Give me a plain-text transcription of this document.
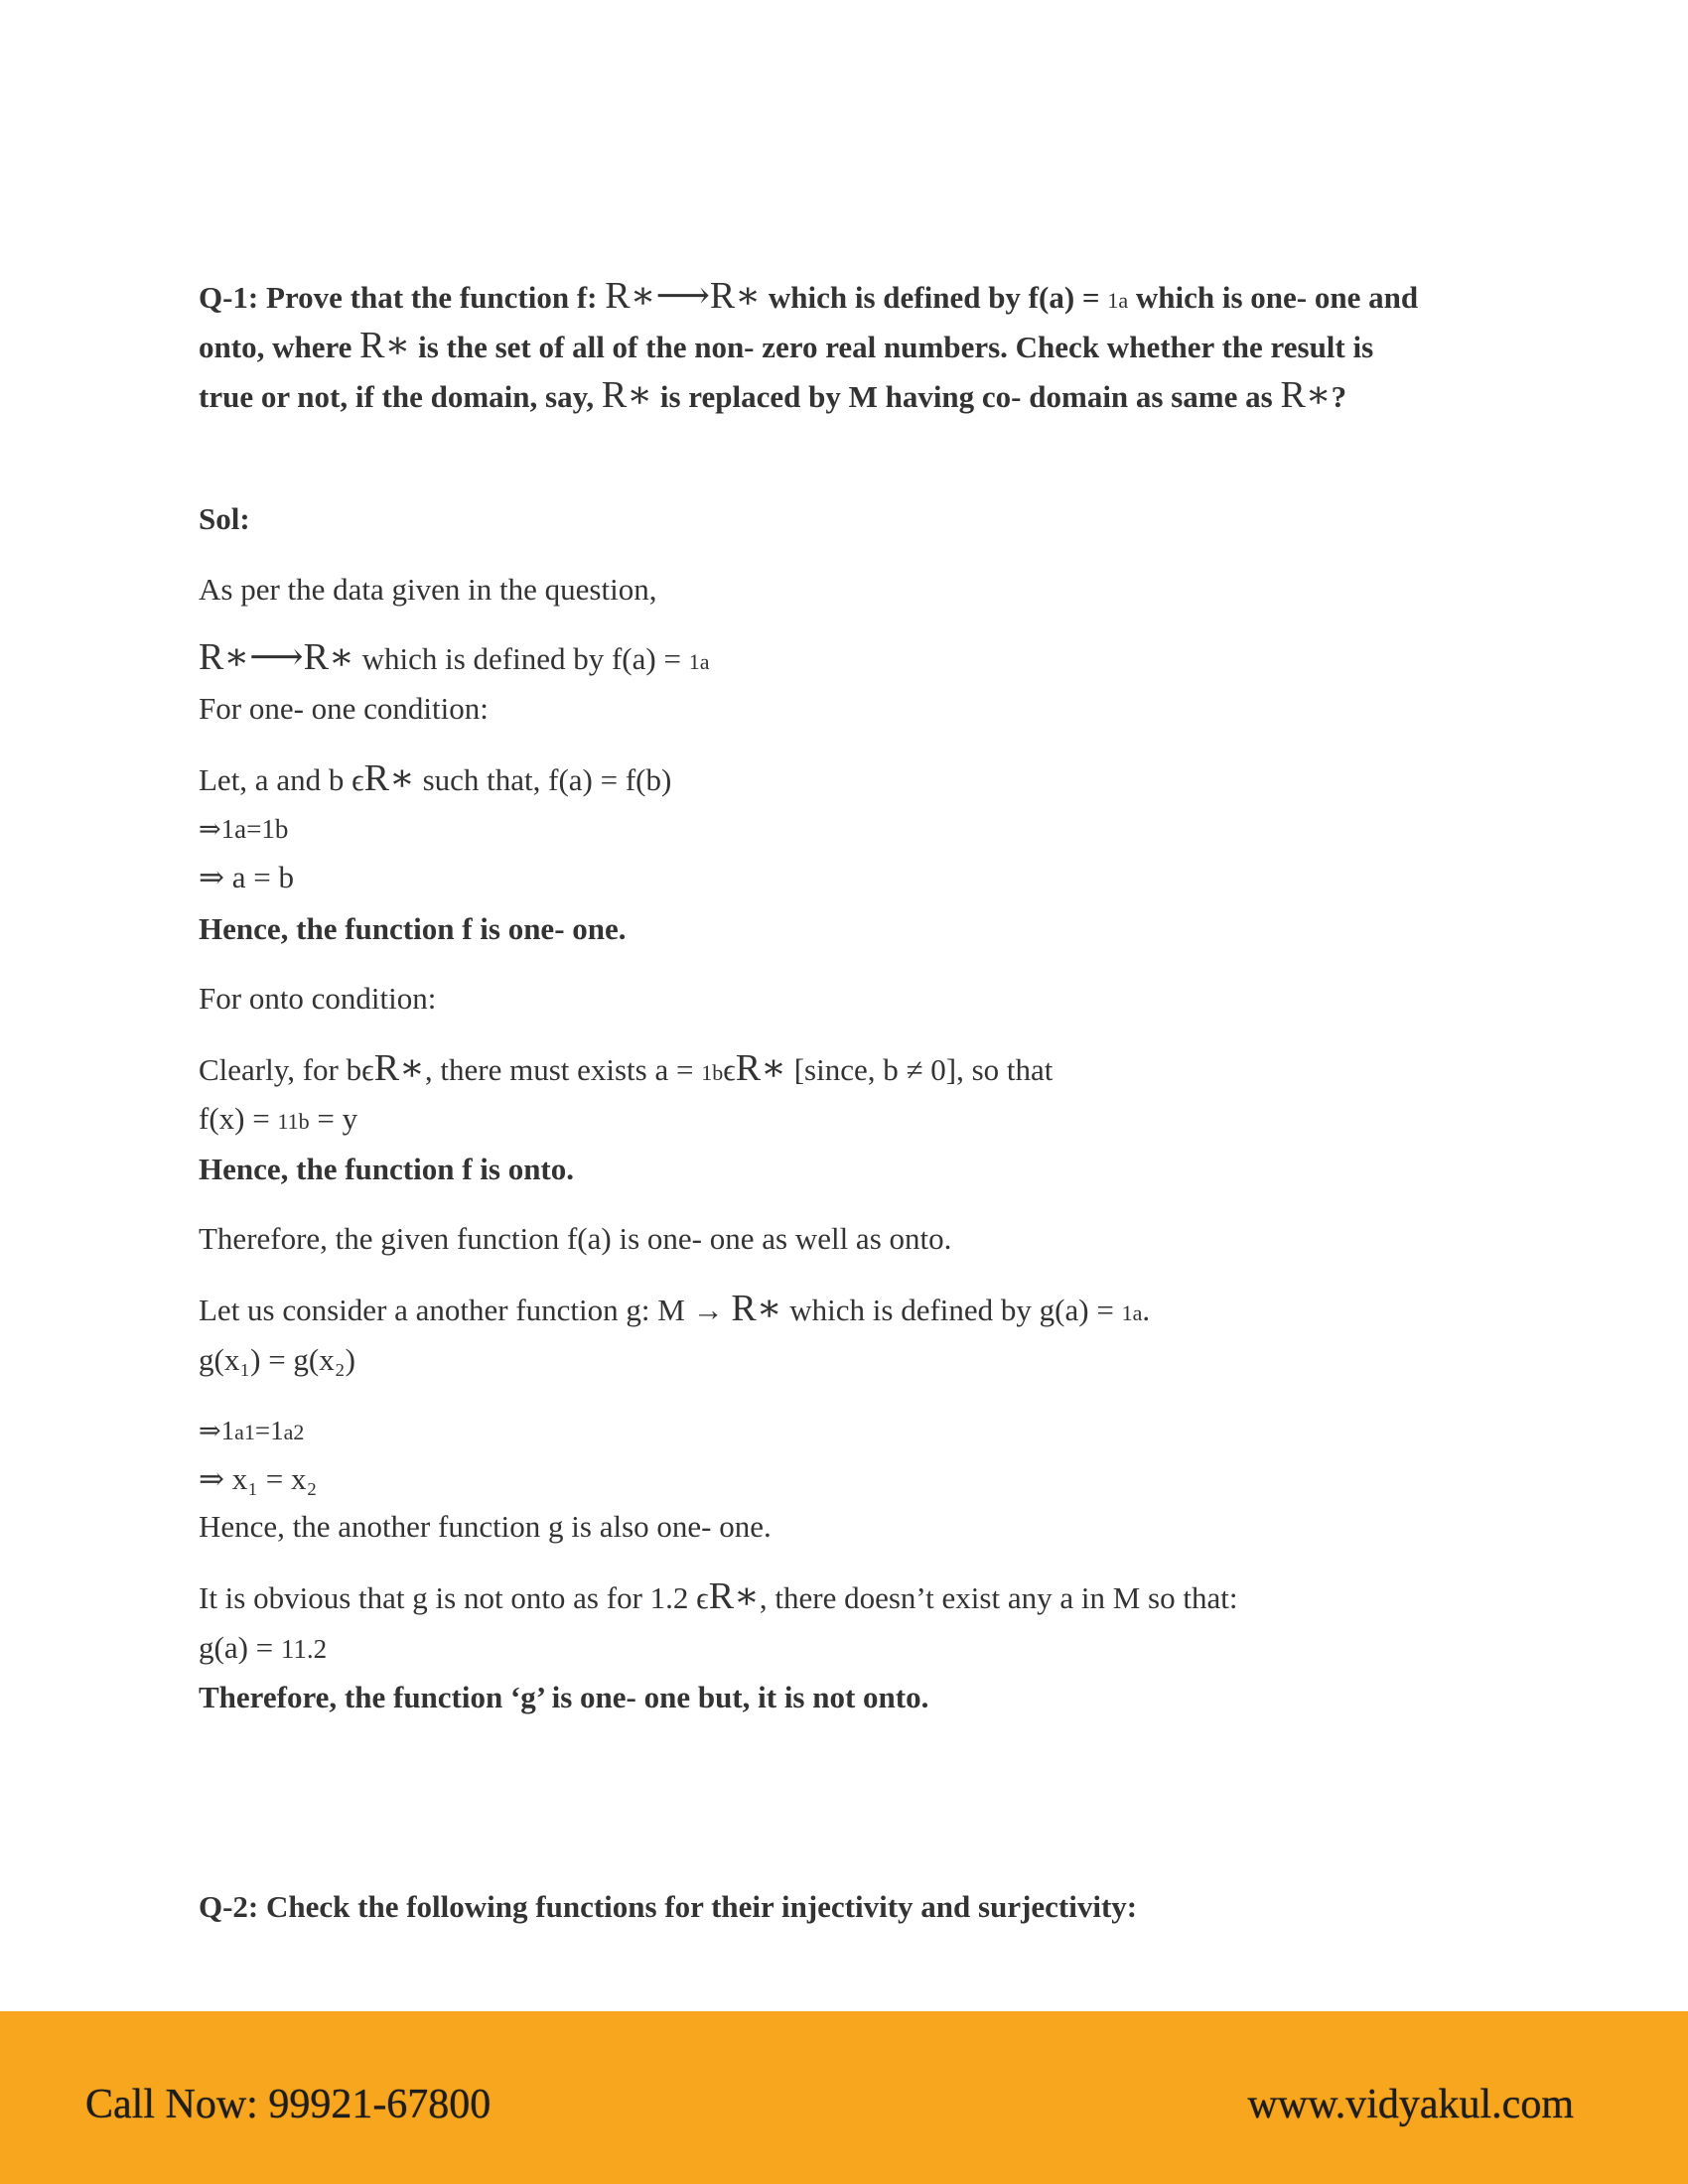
Q-1: Prove that the function f: R∗⟶R∗ which is defined by f(a) = 1a which is one- one and
onto, where R∗ is the set of all of the non- zero real numbers. Check whether the result is
true or not, if the domain, say, R∗ is replaced by M having co- domain as same as R∗?
Sol:
As per the data given in the question,
R∗⟶R∗ which is defined by f(a) = 1a
For one- one condition:
Let, a and b ϵR∗ such that, f(a) = f(b)
⇒1a=1b
⇒ a = b
Hence, the function f is one- one.
For onto condition:
Clearly, for bϵR∗, there must exists a = 1bϵR∗ [since, b ≠ 0], so that
f(x) = 11b = y
Hence, the function f is onto.
Therefore, the given function f(a) is one- one as well as onto.
Let us consider a another function g: M → R∗ which is defined by g(a) = 1a.
g(x₁) = g(x₂)
⇒1a1=1a2
⇒ x₁ = x₂
Hence, the another function g is also one- one.
It is obvious that g is not onto as for 1.2 ϵR∗, there doesn’t exist any a in M so that:
g(a) = 11.2
Therefore, the function ‘g’ is one- one but, it is not onto.
Q-2: Check the following functions for their injectivity and surjectivity:
Call Now: 99921-67800	www.vidyakul.com
